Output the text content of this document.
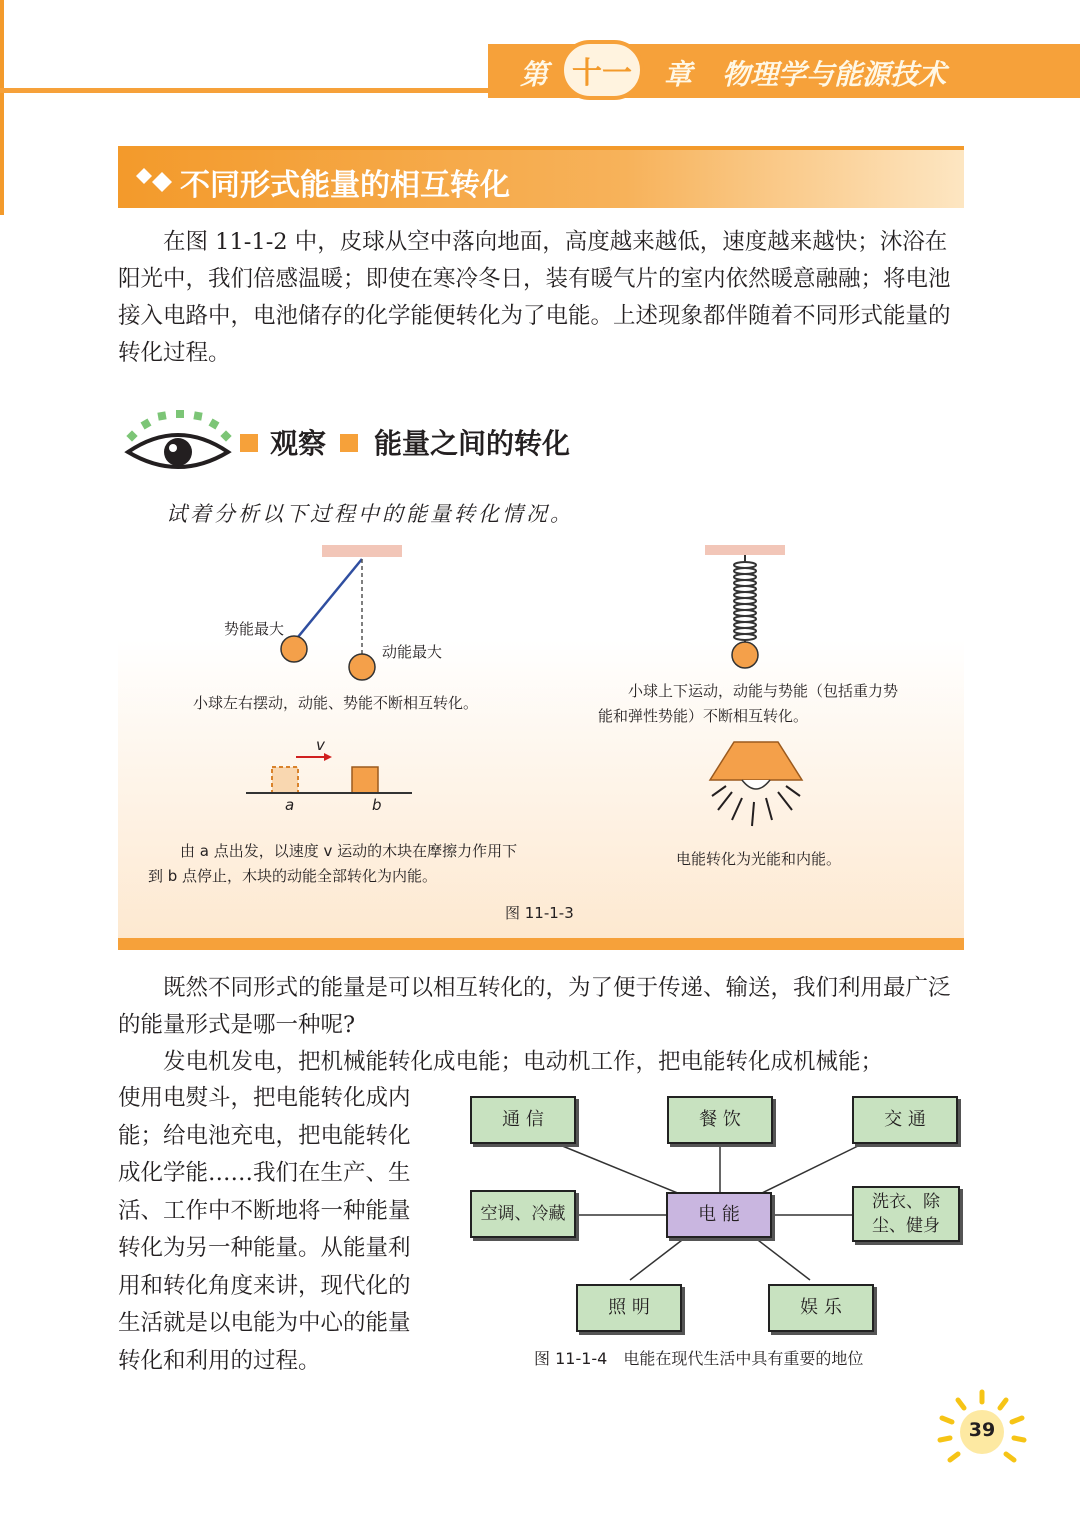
第 十一	章 物理学与能源技术
不同形式能量的相互转化

在图 11-1-2 中，皮球从空中落向地面，高度越来越低，速度越来越快；沐浴在阳光中，我们倍感温暖；即使在寒冷冬日，装有暖气片的室内依然暖意融融；将电池接入电路中，电池储存的化学能便转化为了电能。上述现象都伴随着不同形式能量的转化过程。

观察 能量之间的转化
试着分析以下过程中的能量转化情况。
势能最大
动能最大
小球左右摆动，动能、势能不断相互转化。
小球上下运动，动能与势能（包括重力势
能和弹性势能）不断相互转化。
v
a	b
由 a 点出发，以速度 v 运动的木块在摩擦力作用下
到 b 点停止，木块的动能全部转化为内能。
电能转化为光能和内能。
图 11-1-3

既然不同形式的能量是可以相互转化的，为了便于传递、输送，我们利用最广泛的能量形式是哪一种呢?

发电机发电，把机械能转化成电能；电动机工作，把电能转化成机械能；

使用电熨斗，把电能转化成内
能；给电池充电，把电能转化
成化学能……我们在生产、生
活、工作中不断地将一种能量
转化为另一种能量。从能量利
用和转化角度来讲，现代化的
生活就是以电能为中心的能量
转化和利用的过程。
通 信	餐 饮	交 通
空调、冷藏	电 能
洗衣、除
尘、健身
照 明	娱 乐
图 11-1-4　电能在现代生活中具有重要的地位
39
